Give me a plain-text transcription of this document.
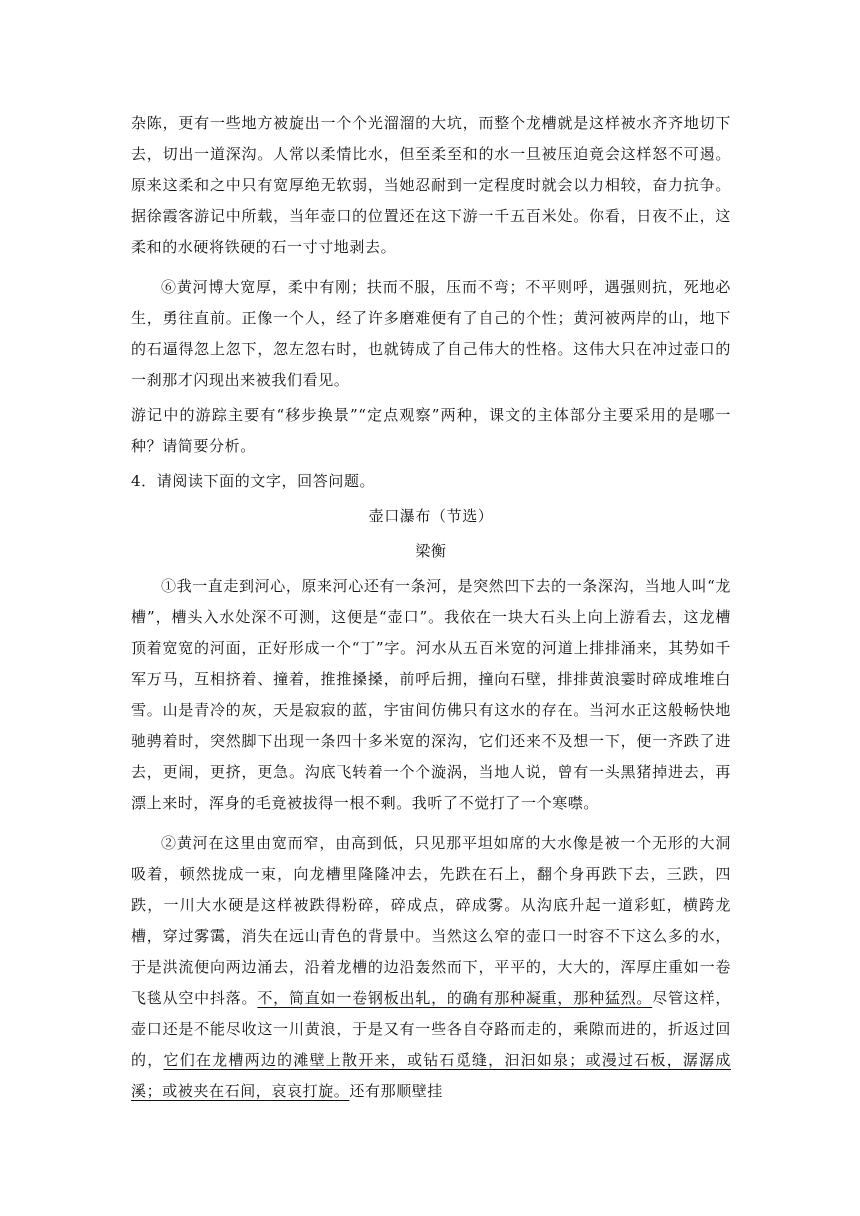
杂陈，更有一些地方被旋出一个个光溜溜的大坑，而整个龙槽就是这样被水齐齐地切下去，切出一道深沟。人常以柔情比水，但至柔至和的水一旦被压迫竟会这样怒不可遏。原来这柔和之中只有宽厚绝无软弱，当她忍耐到一定程度时就会以力相较，奋力抗争。据徐霞客游记中所载，当年壶口的位置还在这下游一千五百米处。你看，日夜不止，这柔和的水硬将铁硬的石一寸寸地剥去。

⑥黄河博大宽厚，柔中有刚；扶而不服，压而不弯；不平则呼，遇强则抗，死地必生，勇往直前。正像一个人，经了许多磨难便有了自己的个性；黄河被两岸的山，地下的石逼得忽上忽下，忽左忽右时，也就铸成了自己伟大的性格。这伟大只在冲过壶口的一刹那才闪现出来被我们看见。

游记中的游踪主要有“移步换景”“定点观察”两种，课文的主体部分主要采用的是哪一种？请简要分析。

4．请阅读下面的文字，回答问题。

壶口瀑布（节选）

梁衡

①我一直走到河心，原来河心还有一条河，是突然凹下去的一条深沟，当地人叫“龙槽”，槽头入水处深不可测，这便是“壶口”。我依在一块大石头上向上游看去，这龙槽顶着宽宽的河面，正好形成一个“丁”字。河水从五百米宽的河道上排排涌来，其势如千军万马，互相挤着、撞着，推推搡搡，前呼后拥，撞向石壁，排排黄浪霎时碎成堆堆白雪。山是青冷的灰，天是寂寂的蓝，宇宙间仿佛只有这水的存在。当河水正这般畅快地驰骋着时，突然脚下出现一条四十多米宽的深沟，它们还来不及想一下，便一齐跌了进去，更闹，更挤，更急。沟底飞转着一个个漩涡，当地人说，曾有一头黑猪掉进去，再漂上来时，浑身的毛竟被拔得一根不剩。我听了不觉打了一个寒噤。

②黄河在这里由宽而窄，由高到低，只见那平坦如席的大水像是被一个无形的大洞吸着，顿然拢成一束，向龙槽里隆隆冲去，先跌在石上，翻个身再跌下去，三跌，四跌，一川大水硬是这样被跌得粉碎，碎成点，碎成雾。从沟底升起一道彩虹，横跨龙槽，穿过雾霭，消失在远山青色的背景中。当然这么窄的壶口一时容不下这么多的水，于是洪流便向两边涌去，沿着龙槽的边沿轰然而下，平平的，大大的，浑厚庄重如一卷飞毯从空中抖落。不，简直如一卷钢板出轧，的确有那种凝重，那种猛烈。尽管这样，壶口还是不能尽收这一川黄浪，于是又有一些各自夺路而走的，乘隙而进的，折返过回的，它们在龙槽两边的滩壁上散开来，或钻石觅缝，汩汩如泉；或漫过石板，潺潺成溪；或被夹在石间，哀哀打旋。还有那顺壁挂
